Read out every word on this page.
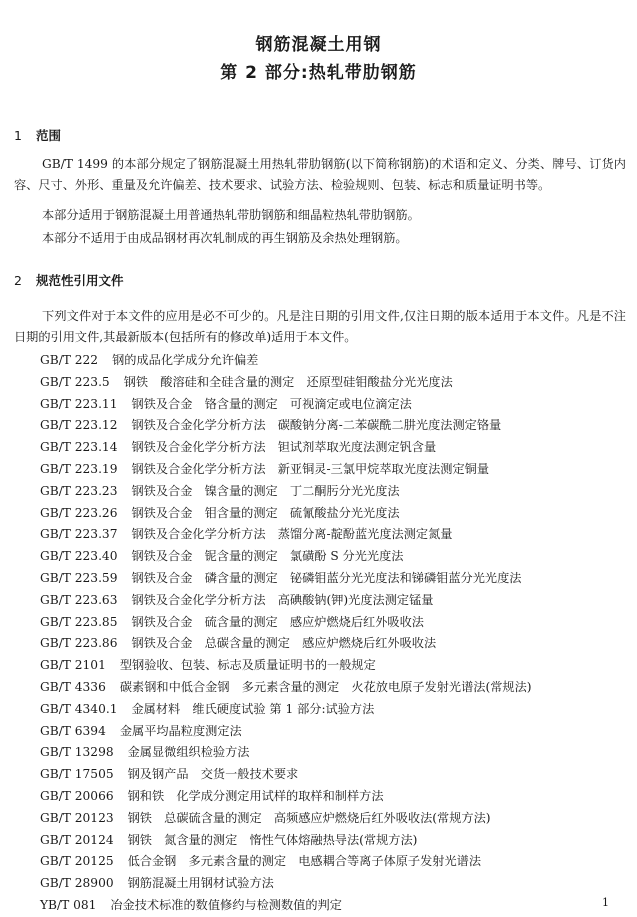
钢筋混凝土用钢
第 2 部分:热轧带肋钢筋
1 范围
GB/T 1499 的本部分规定了钢筋混凝土用热轧带肋钢筋(以下简称钢筋)的术语和定义、分类、牌号、订货内容、尺寸、外形、重量及允许偏差、技术要求、试验方法、检验规则、包装、标志和质量证明书等。
本部分适用于钢筋混凝土用普通热轧带肋钢筋和细晶粒热轧带肋钢筋。
本部分不适用于由成品钢材再次轧制成的再生钢筋及余热处理钢筋。
2 规范性引用文件
下列文件对于本文件的应用是必不可少的。凡是注日期的引用文件,仅注日期的版本适用于本文件。凡是不注日期的引用文件,其最新版本(包括所有的修改单)适用于本文件。
GB/T 222 钢的成品化学成分允许偏差
GB/T 223.5 钢铁　酸溶硅和全硅含量的测定　还原型硅钼酸盐分光光度法
GB/T 223.11 钢铁及合金　铬含量的测定　可视滴定或电位滴定法
GB/T 223.12 钢铁及合金化学分析方法　碳酸钠分离-二苯碳酰二肼光度法测定铬量
GB/T 223.14 钢铁及合金化学分析方法　钽试剂萃取光度法测定钒含量
GB/T 223.19 钢铁及合金化学分析方法　新亚铜灵-三氯甲烷萃取光度法测定铜量
GB/T 223.23 钢铁及合金　镍含量的测定　丁二酮肟分光光度法
GB/T 223.26 钢铁及合金　钼含量的测定　硫氰酸盐分光光度法
GB/T 223.37 钢铁及合金化学分析方法　蒸馏分离-靛酚蓝光度法测定氮量
GB/T 223.40 钢铁及合金　铌含量的测定　氯磺酚 S 分光光度法
GB/T 223.59 钢铁及合金　磷含量的测定　铋磷钼蓝分光光度法和锑磷钼蓝分光光度法
GB/T 223.63 钢铁及合金化学分析方法　高碘酸钠(钾)光度法测定锰量
GB/T 223.85 钢铁及合金　硫含量的测定　感应炉燃烧后红外吸收法
GB/T 223.86 钢铁及合金　总碳含量的测定　感应炉燃烧后红外吸收法
GB/T 2101 型钢验收、包装、标志及质量证明书的一般规定
GB/T 4336 碳素钢和中低合金钢　多元素含量的测定　火花放电原子发射光谱法(常规法)
GB/T 4340.1 金属材料　维氏硬度试验 第 1 部分:试验方法
GB/T 6394 金属平均晶粒度测定法
GB/T 13298 金属显微组织检验方法
GB/T 17505 钢及钢产品　交货一般技术要求
GB/T 20066 钢和铁　化学成分测定用试样的取样和制样方法
GB/T 20123 钢铁　总碳硫含量的测定　高频感应炉燃烧后红外吸收法(常规方法)
GB/T 20124 钢铁　氮含量的测定　惰性气体熔融热导法(常规方法)
GB/T 20125 低合金钢　多元素含量的测定　电感耦合等离子体原子发射光谱法
GB/T 28900 钢筋混凝土用钢材试验方法
YB/T 081 冶金技术标准的数值修约与检测数值的判定	1
